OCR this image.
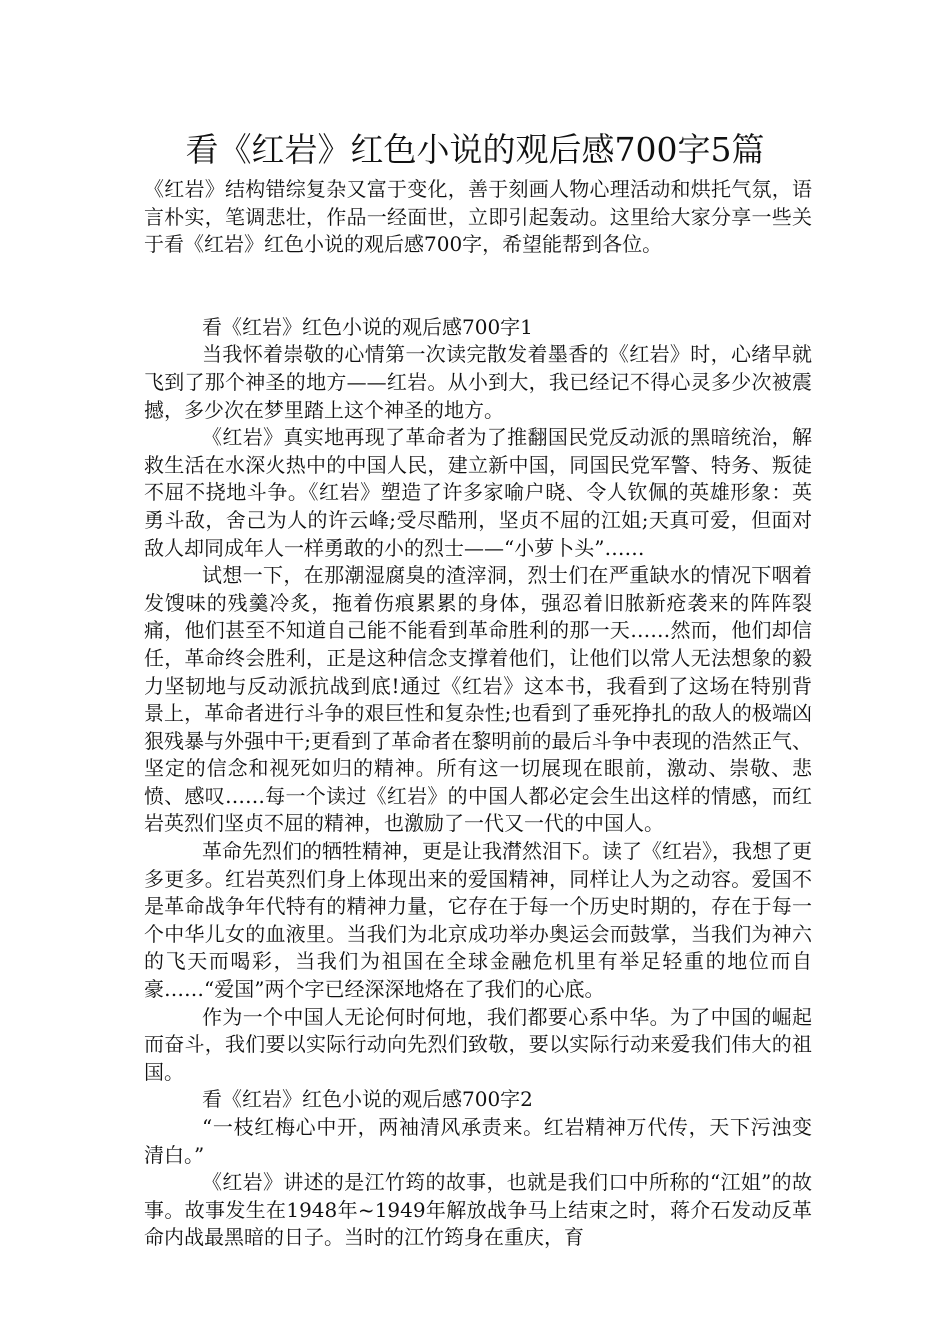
看《红岩》红色小说的观后感700字5篇

《红岩》结构错综复杂又富于变化，善于刻画人物心理活动和烘托气氛，语言朴实，笔调悲壮，作品一经面世，立即引起轰动。这里给大家分享一些关于看《红岩》红色小说的观后感700字，希望能帮到各位。

看《红岩》红色小说的观后感700字1

当我怀着崇敬的心情第一次读完散发着墨香的《红岩》时，心绪早就飞到了那个神圣的地方——红岩。从小到大，我已经记不得心灵多少次被震撼，多少次在梦里踏上这个神圣的地方。

《红岩》真实地再现了革命者为了推翻国民党反动派的黑暗统治，解救生活在水深火热中的中国人民，建立新中国，同国民党军警、特务、叛徒不屈不挠地斗争。《红岩》塑造了许多家喻户晓、令人钦佩的英雄形象：英勇斗敌，舍己为人的许云峰;受尽酷刑，坚贞不屈的江姐;天真可爱，但面对敌人却同成年人一样勇敢的小的烈士——“小萝卜头”……

试想一下，在那潮湿腐臭的渣滓洞，烈士们在严重缺水的情况下咽着发馊味的残羹冷炙，拖着伤痕累累的身体，强忍着旧脓新疮袭来的阵阵裂痛，他们甚至不知道自己能不能看到革命胜利的那一天……然而，他们却信任，革命终会胜利，正是这种信念支撑着他们，让他们以常人无法想象的毅力坚韧地与反动派抗战到底!通过《红岩》这本书，我看到了这场在特别背景上，革命者进行斗争的艰巨性和复杂性;也看到了垂死挣扎的敌人的极端凶狠残暴与外强中干;更看到了革命者在黎明前的最后斗争中表现的浩然正气、坚定的信念和视死如归的精神。所有这一切展现在眼前，激动、崇敬、悲愤、感叹……每一个读过《红岩》的中国人都必定会生出这样的情感，而红岩英烈们坚贞不屈的精神，也激励了一代又一代的中国人。

革命先烈们的牺牲精神，更是让我潸然泪下。读了《红岩》，我想了更多更多。红岩英烈们身上体现出来的爱国精神，同样让人为之动容。爱国不是革命战争年代特有的精神力量，它存在于每一个历史时期的，存在于每一个中华儿女的血液里。当我们为北京成功举办奥运会而鼓掌，当我们为神六的飞天而喝彩，当我们为祖国在全球金融危机里有举足轻重的地位而自豪……“爱国”两个字已经深深地烙在了我们的心底。

作为一个中国人无论何时何地，我们都要心系中华。为了中国的崛起而奋斗，我们要以实际行动向先烈们致敬，要以实际行动来爱我们伟大的祖国。

看《红岩》红色小说的观后感700字2

“一枝红梅心中开，两袖清风承责来。红岩精神万代传，天下污浊变清白。”

《红岩》讲述的是江竹筠的故事，也就是我们口中所称的“江姐”的故事。故事发生在1948年~1949年解放战争马上结束之时，蒋介石发动反革命内战最黑暗的日子。当时的江竹筠身在重庆，育
